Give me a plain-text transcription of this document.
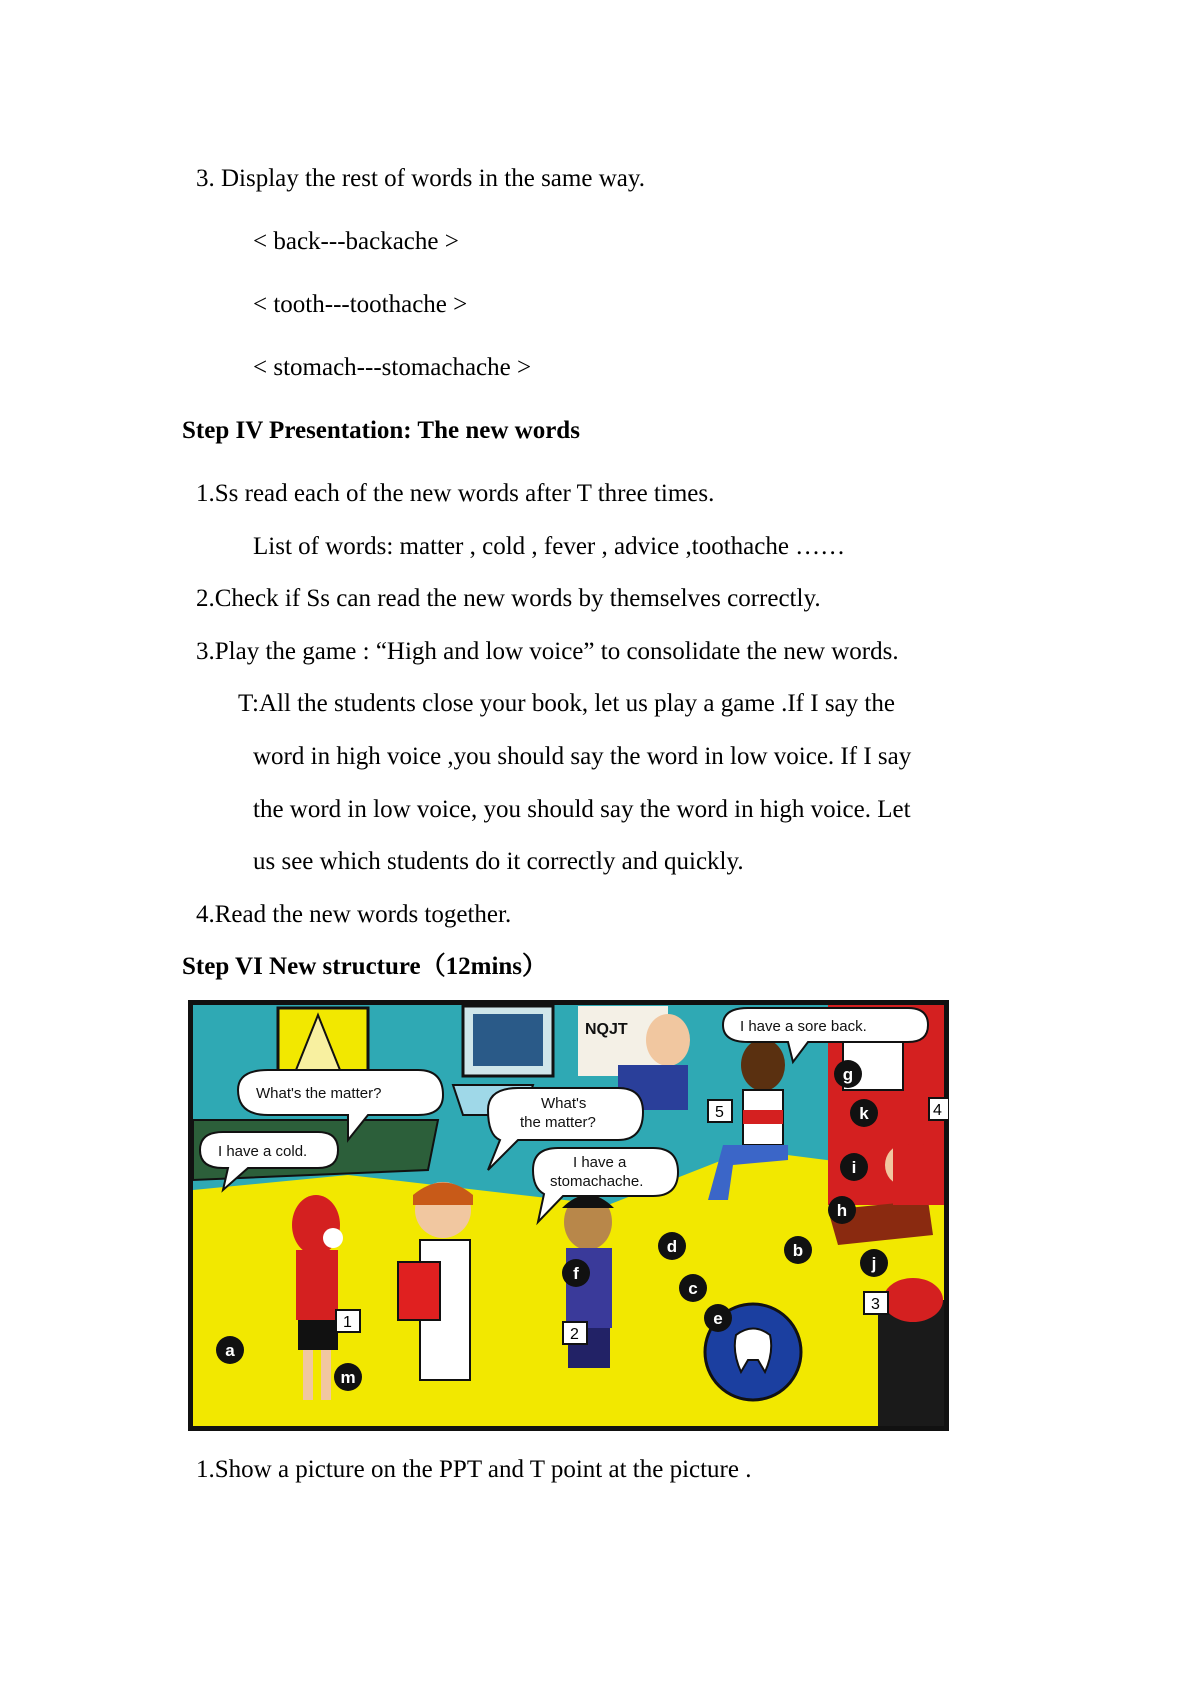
3. Display the rest of words in the same way.
< back---backache >
< tooth---toothache >
< stomach---stomachache >
Step IV Presentation: The new words
1.Ss read each of the new words after T three times.
List of words: matter , cold , fever , advice ,toothache ……
2.Check if Ss can read the new words by themselves correctly.
3.Play the game : “High and low voice” to consolidate the new words.
T:All the students close your book, let us play a game .If I say the
word in high voice ,you should say the word in low voice. If I say
the word in low voice, you should say the word in high voice. Let
us see which students do it correctly and quickly.
4.Read the new words together.
Step VI New structure（12mins）
NQJT
What's the matter?
I have a cold.
What's
the matter?
I have a
stomachache.
I have a sore back.
1
2
3
4
5
a
m
f
d
c
e
b
j
h
i
k
g
1.Show a picture on the PPT and T point at the picture .
